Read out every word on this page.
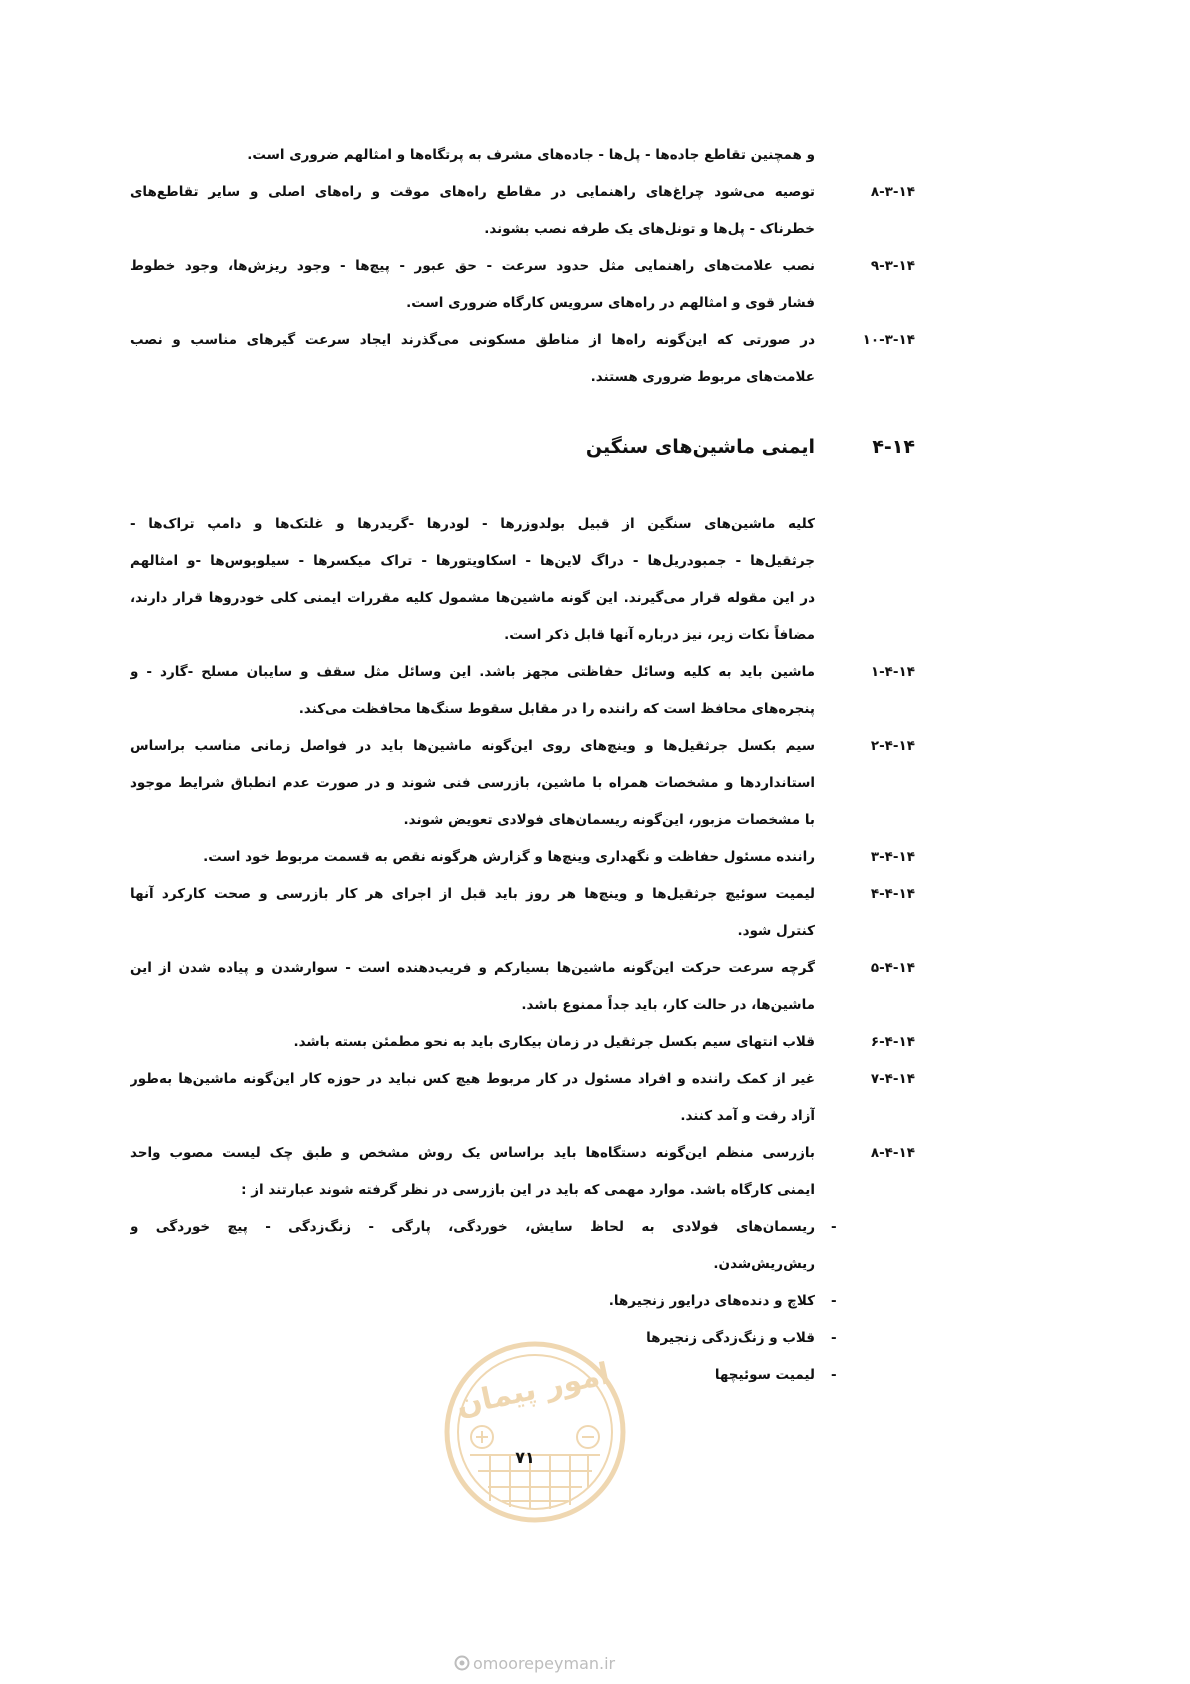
و همچنین تقاطع جاده‌ها - پل‌ها - جاده‌های مشرف به پرتگاه‌ها و امثالهم ضروری است.
۸-۳-۱۴
توصیه می‌شود چراغ‌های راهنمایی در مقاطع راه‌های موقت و راه‌های اصلی و سایر تقاطع‌های
خطرناک - پل‌ها و تونل‌های یک طرفه نصب بشوند.
۹-۳-۱۴
نصب علامت‌های راهنمایی مثل حدود سرعت - حق عبور - پیچ‌ها - وجود ریزش‌ها، وجود خطوط
فشار قوی و امثالهم در راه‌های سرویس کارگاه ضروری است.
۱۰-۳-۱۴
در صورتی که این‌گونه راه‌ها از مناطق مسکونی می‌گذرند ایجاد سرعت گیرهای مناسب و نصب
علامت‌های مربوط ضروری هستند.
۴-۱۴
ایمنی ماشین‌های سنگین
کلیه ماشین‌های سنگین از قبیل بولدوزرها - لودرها -گریدرها و غلتک‌ها و دامپ تراک‌ها -
جرثقیل‌ها - جمبودریل‌ها - دراگ لاین‌ها - اسکاویتورها - تراک میکسرها - سیلوبوس‌ها -و امثالهم
در این مقوله قرار می‌گیرند. این گونه ماشین‌ها مشمول کلیه مقررات ایمنی کلی خودروها قرار دارند،
مضافاً نکات زیر، نیز درباره آنها قابل ذکر است.
۱-۴-۱۴
ماشین باید به کلیه وسائل حفاظتی مجهز باشد. این وسائل مثل سقف و سایبان مسلح -گارد - و
پنجره‌های محافظ است که راننده را در مقابل سقوط سنگ‌ها محافظت می‌کند.
۲-۴-۱۴
سیم بکسل جرثقیل‌ها و وینچ‌های روی این‌گونه ماشین‌ها باید در فواصل زمانی مناسب براساس
استانداردها و مشخصات همراه با ماشین، بازرسی فنی شوند و در صورت عدم انطباق شرایط موجود
با مشخصات مزبور، این‌گونه ریسمان‌های فولادی تعویض شوند.
۳-۴-۱۴
راننده مسئول حفاظت و نگهداری وینچ‌ها و گزارش هرگونه نقص به قسمت مربوط خود است.
۴-۴-۱۴
لیمیت سوئیچ جرثقیل‌ها و وینچ‌ها هر روز باید قبل از اجرای هر کار بازرسی و صحت کارکرد آنها
کنترل شود.
۵-۴-۱۴
گرچه سرعت حرکت این‌گونه ماشین‌ها بسیارکم و فریب‌دهنده است - سوارشدن و پیاده شدن از این
ماشین‌ها، در حالت کار، باید جداً ممنوع باشد.
۶-۴-۱۴
قلاب انتهای سیم بکسل جرثقیل در زمان بیکاری باید به نحو مطمئن بسته باشد.
۷-۴-۱۴
غیر از کمک راننده و افراد مسئول در کار مربوط هیچ کس نباید در حوزه کار این‌گونه ماشین‌ها به‌طور
آزاد رفت و آمد کنند.
۸-۴-۱۴
بازرسی منظم این‌گونه دستگاه‌ها باید براساس یک روش مشخص و طبق چک لیست مصوب واحد
ایمنی کارگاه باشد. موارد مهمی که باید در این بازرسی در نظر گرفته شوند عبارتند از :
-
ریسمان‌های فولادی به لحاظ سایش، خوردگی، پارگی - زنگ‌زدگی - پیچ خوردگی و
ریش‌ریش‌شدن.
-
کلاچ و دنده‌های درایور زنجیرها.
-
قلاب و زنگ‌زدگی زنجیرها
-
لیمیت سوئیچها
امور پیمان
۷۱
omoorepeyman.ir
